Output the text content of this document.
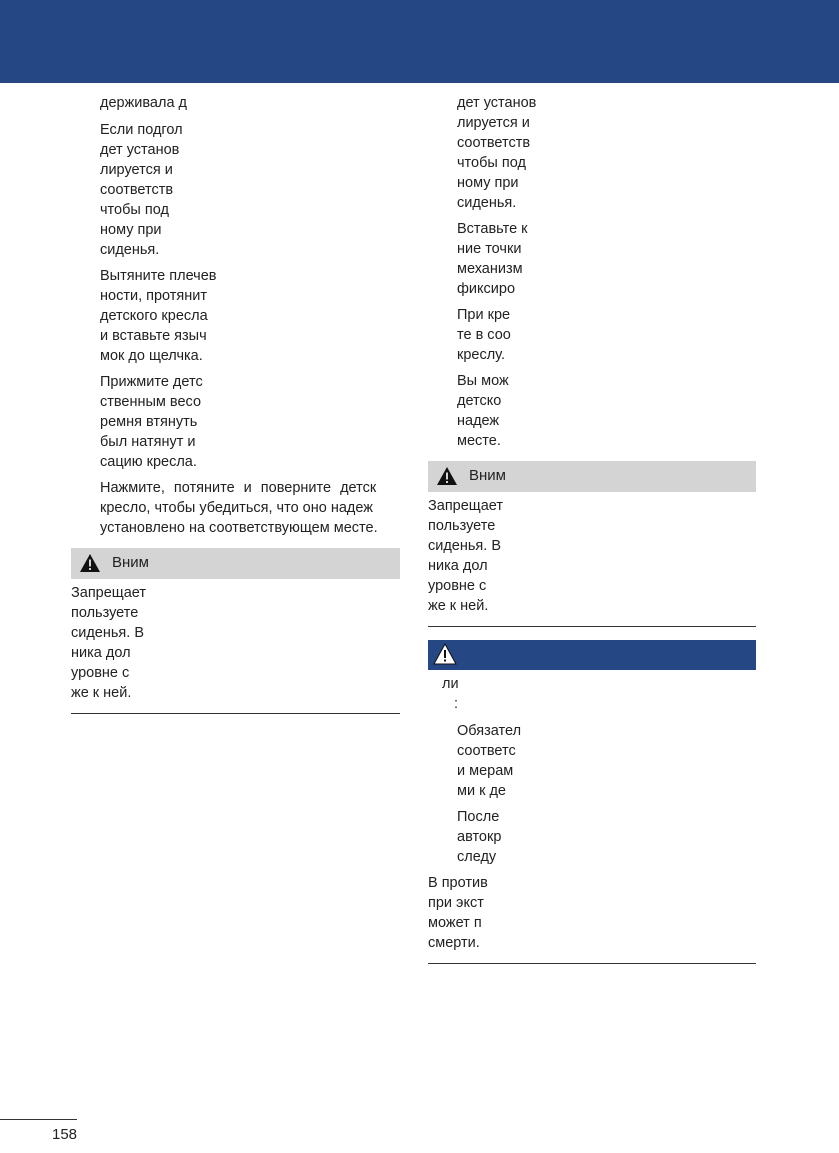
держивала д
Если подгол
дет установ
лируется и
соответств
чтобы под
ному при
сиденья.
Вытяните плечев
ности, протянит
детского кресла
и вставьте языч
мок до щелчка.
Прижмите детс
ственным весо
ремня втянуть
был натянут и
сацию кресла.
Нажмите, потяните и поверните детск
кресло, чтобы убедиться, что оно надеж
установлено на соответствующем месте.
Вним
Запрещает
пользуете
сиденья. В
ника дол
уровне с
же к ней.
дет установ
лируется и
соответств
чтобы под
ному при
сиденья.
Вставьте к
ние точки
механизм
фиксиро
При кре
те в соо
креслу.
Вы мож
детско
надеж
месте.
Вним
Запрещает
пользуете
сиденья. В
ника дол
уровне с
же к ней.
ли
:
Обязател
соответс
и мерам
ми к де
После
автокр
следу
В против
при экст
может п
смерти.
158
